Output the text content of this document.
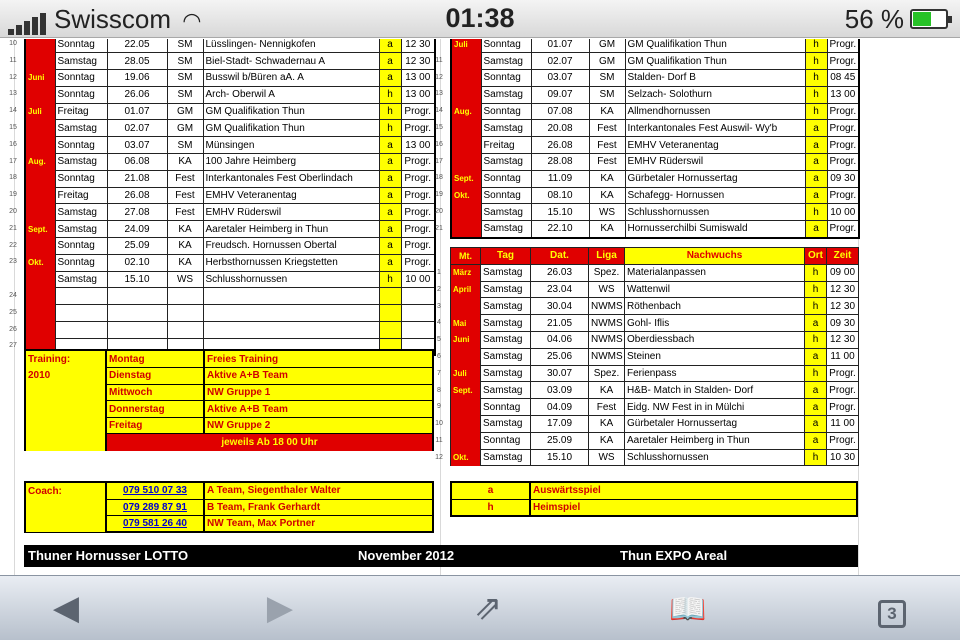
Swisscom ◠	01:38	56 %
	Sonntag	22.05	SM	Lüsslingen- Nennigkofen	a	12 30
	Samstag	28.05	SM	Biel-Stadt- Schwadernau A	a	12 30
Juni	Sonntag	19.06	SM	Busswil b/Büren aA. A	a	13 00
	Sonntag	26.06	SM	Arch- Oberwil A	h	13 00
Juli	Freitag	01.07	GM	GM Qualifikation Thun	h	Progr.
	Samstag	02.07	GM	GM Qualifikation Thun	h	Progr.
	Sonntag	03.07	SM	Münsingen	a	13 00
Aug.	Samstag	06.08	KA	100 Jahre Heimberg	a	Progr.
	Sonntag	21.08	Fest	Interkantonales Fest Oberlindach	a	Progr.
	Freitag	26.08	Fest	EMHV Veteranentag	a	Progr.
	Samstag	27.08	Fest	EMHV Rüderswil	a	Progr.
Sept.	Samstag	24.09	KA	Aaretaler Heimberg in Thun	a	Progr.
	Sonntag	25.09	KA	Freudsch. Hornussen Obertal	a	Progr.
Okt.	Sonntag	02.10	KA	Herbsthornussen Kriegstetten	a	Progr.
	Samstag	15.10	WS	Schlusshornussen	h	10 00

Juli	Sonntag	01.07	GM	GM Qualifikation Thun	h	Progr.
	Samstag	02.07	GM	GM Qualifikation Thun	h	Progr.
	Sonntag	03.07	SM	Stalden- Dorf B	h	08 45
	Samstag	09.07	SM	Selzach- Solothurn	h	13 00
Aug.	Sonntag	07.08	KA	Allmendhornussen	h	Progr.
	Samstag	20.08	Fest	Interkantonales Fest Auswil- Wy'b	a	Progr.
	Freitag	26.08	Fest	EMHV Veteranentag	a	Progr.
	Samstag	28.08	Fest	EMHV Rüderswil	a	Progr.
Sept.	Sonntag	11.09	KA	Gürbetaler Hornussertag	a	09 30
Okt.	Sonntag	08.10	KA	Schafegg- Hornussen	a	Progr.
	Samstag	15.10	WS	Schlusshornussen	h	10 00
	Samstag	22.10	KA	Hornusserchilbi Sumiswald	a	Progr.
Mt.	Tag	Dat.	Liga	Nachwuchs	Ort	Zeit
März	Samstag	26.03	Spez.	Materialanpassen	h	09 00
April	Samstag	23.04	WS	Wattenwil	h	12 30
	Samstag	30.04	NWMS	Röthenbach	h	12 30
Mai	Samstag	21.05	NWMS	Gohl- Iflis	a	09 30
Juni	Samstag	04.06	NWMS	Oberdiessbach	h	12 30
	Samstag	25.06	NWMS	Steinen	a	11 00
Juli	Samstag	30.07	Spez.	Ferienpass	h	Progr.
Sept.	Samstag	03.09	KA	H&B- Match in Stalden- Dorf	a	Progr.
	Sonntag	04.09	Fest	Eidg. NW Fest in in Mülchi	a	Progr.
	Samstag	17.09	KA	Gürbetaler Hornussertag	a	11 00
	Sonntag	25.09	KA	Aaretaler Heimberg in Thun	a	Progr.
Okt.	Samstag	15.10	WS	Schlusshornussen	h	10 30
Training:	Montag	Freies Training
2010	Dienstag	Aktive A+B Team
	Mittwoch	NW Gruppe 1
	Donnerstag	Aktive A+B Team
	Freitag	NW Gruppe 2
	jeweils Ab 18 00 Uhr	
Coach:	079 510 07 33	A Team, Siegenthaler Walter
	079 289 87 91	B Team, Frank Gerhardt
	079 581 26 40	NW Team, Max Portner
a	Auswärtsspiel
h	Heimspiel
Thuner Hornusser LOTTO	November 2012	Thun EXPO Areal
10
11
12
13
14
15
16
17
18
19
20
21
22
23
24
25
26
27
11
12
13
14
15
16
17
18
19
20
21
1
2
3
4
5
6
7
8
9
10
11
12
◀	▶	⇗	📖	3
